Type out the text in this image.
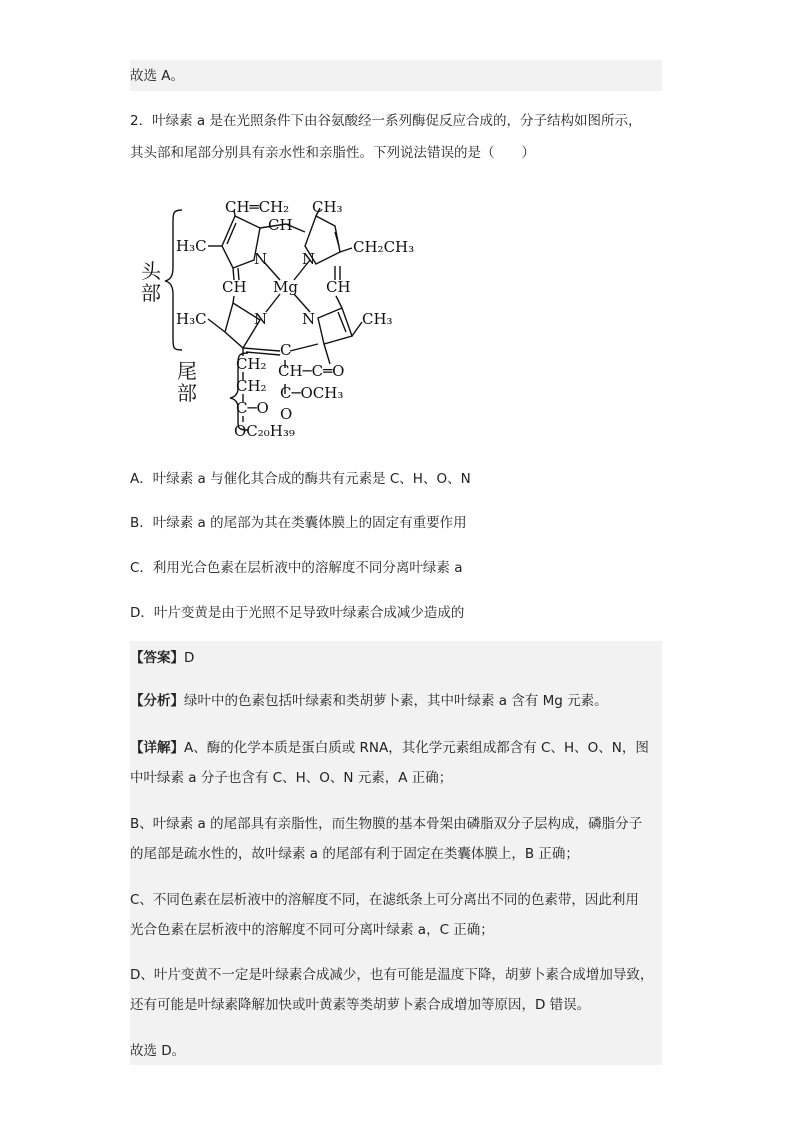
故选 A。
2．叶绿素 a 是在光照条件下由谷氨酸经一系列酶促反应合成的，分子结构如图所示，
其头部和尾部分别具有亲水性和亲脂性。下列说法错误的是（　　）
头
部
尾
部
CH═CH₂
CH
CH₃
H₃C	CH₂CH₃
N N
Mg
CH	CH
H₃C	CH₃
N N
CH₂
C
CH─C═O
CH₂ C─OCH₃
O
C─O
OC₂₀H₃₉
A．叶绿素 a 与催化其合成的酶共有元素是 C、H、O、N
B．叶绿素 a 的尾部为其在类囊体膜上的固定有重要作用
C．利用光合色素在层析液中的溶解度不同分离叶绿素 a
D．叶片变黄是由于光照不足导致叶绿素合成减少造成的
【答案】D
【分析】绿叶中的色素包括叶绿素和类胡萝卜素，其中叶绿素 a 含有 Mg 元素。
【详解】A、酶的化学本质是蛋白质或 RNA，其化学元素组成都含有 C、H、O、N，图
中叶绿素 a 分子也含有 C、H、O、N 元素，A 正确；
B、叶绿素 a 的尾部具有亲脂性，而生物膜的基本骨架由磷脂双分子层构成，磷脂分子
的尾部是疏水性的，故叶绿素 a 的尾部有利于固定在类囊体膜上，B 正确；
C、不同色素在层析液中的溶解度不同，在滤纸条上可分离出不同的色素带，因此利用
光合色素在层析液中的溶解度不同可分离叶绿素 a，C 正确；
D、叶片变黄不一定是叶绿素合成减少，也有可能是温度下降，胡萝卜素合成增加导致，
还有可能是叶绿素降解加快或叶黄素等类胡萝卜素合成增加等原因，D 错误。
故选 D。
